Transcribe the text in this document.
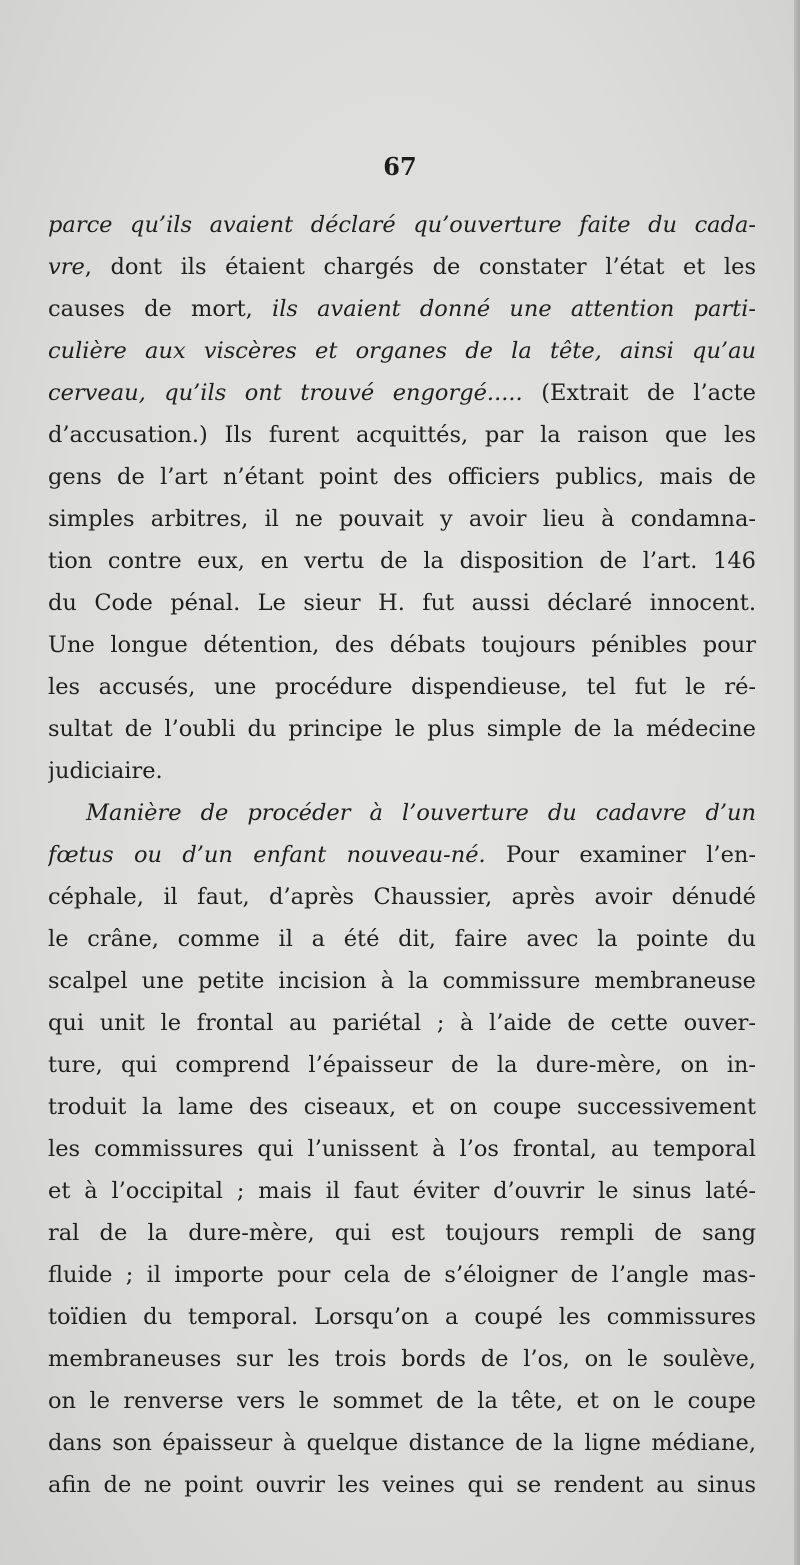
67
parce qu’ils avaient déclaré qu’ouverture faite du cada-
vre, dont ils étaient chargés de constater l’état et les
causes de mort, ils avaient donné une attention parti-
culière aux viscères et organes de la tête, ainsi qu’au
cerveau, qu’ils ont trouvé engorgé..... (Extrait de l’acte
d’accusation.) Ils furent acquittés, par la raison que les
gens de l’art n’étant point des officiers publics, mais de
simples arbitres, il ne pouvait y avoir lieu à condamna-
tion contre eux, en vertu de la disposition de l’art. 146
du Code pénal. Le sieur H. fut aussi déclaré innocent.
Une longue détention, des débats toujours pénibles pour
les accusés, une procédure dispendieuse, tel fut le ré-
sultat de l’oubli du principe le plus simple de la médecine
judiciaire.
Manière de procéder à l’ouverture du cadavre d’un
fœtus ou d’un enfant nouveau-né. Pour examiner l’en-
céphale, il faut, d’après Chaussier, après avoir dénudé
le crâne, comme il a été dit, faire avec la pointe du
scalpel une petite incision à la commissure membraneuse
qui unit le frontal au pariétal ; à l’aide de cette ouver-
ture, qui comprend l’épaisseur de la dure-mère, on in-
troduit la lame des ciseaux, et on coupe successivement
les commissures qui l’unissent à l’os frontal, au temporal
et à l’occipital ; mais il faut éviter d’ouvrir le sinus laté-
ral de la dure-mère, qui est toujours rempli de sang
fluide ; il importe pour cela de s’éloigner de l’angle mas-
toïdien du temporal. Lorsqu’on a coupé les commissures
membraneuses sur les trois bords de l’os, on le soulève,
on le renverse vers le sommet de la tête, et on le coupe
dans son épaisseur à quelque distance de la ligne médiane,
afin de ne point ouvrir les veines qui se rendent au sinus
